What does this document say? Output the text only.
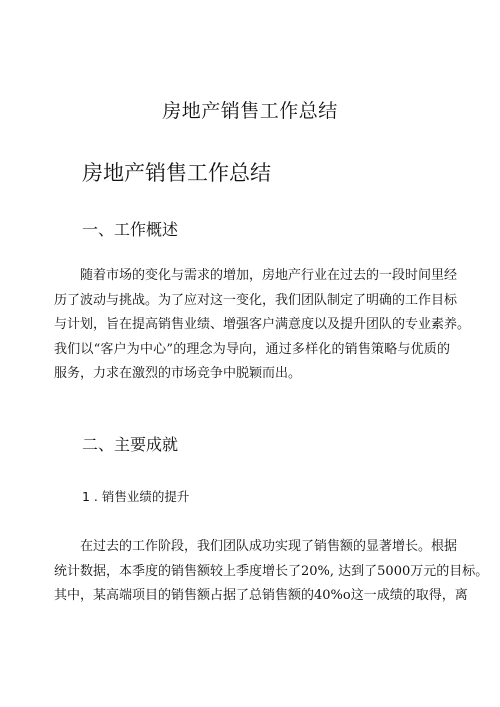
房地产销售工作总结
房地产销售工作总结
一、工作概述
随着市场的变化与需求的增加，房地产行业在过去的一段时间里经
历了波动与挑战。为了应对这一变化，我们团队制定了明确的工作目标
与计划，旨在提高销售业绩、增强客户满意度以及提升团队的专业素养。
我们以“客户为中心”的理念为导向，通过多样化的销售策略与优质的
服务，力求在激烈的市场竞争中脱颖而出。
二、主要成就
1 . 销售业绩的提升
在过去的工作阶段，我们团队成功实现了销售额的显著增长。根据
统计数据，本季度的销售额较上季度增长了20%, 达到了5000万元的目标。
其中，某高端项目的销售额占据了总销售额的40%o这一成绩的取得，离
